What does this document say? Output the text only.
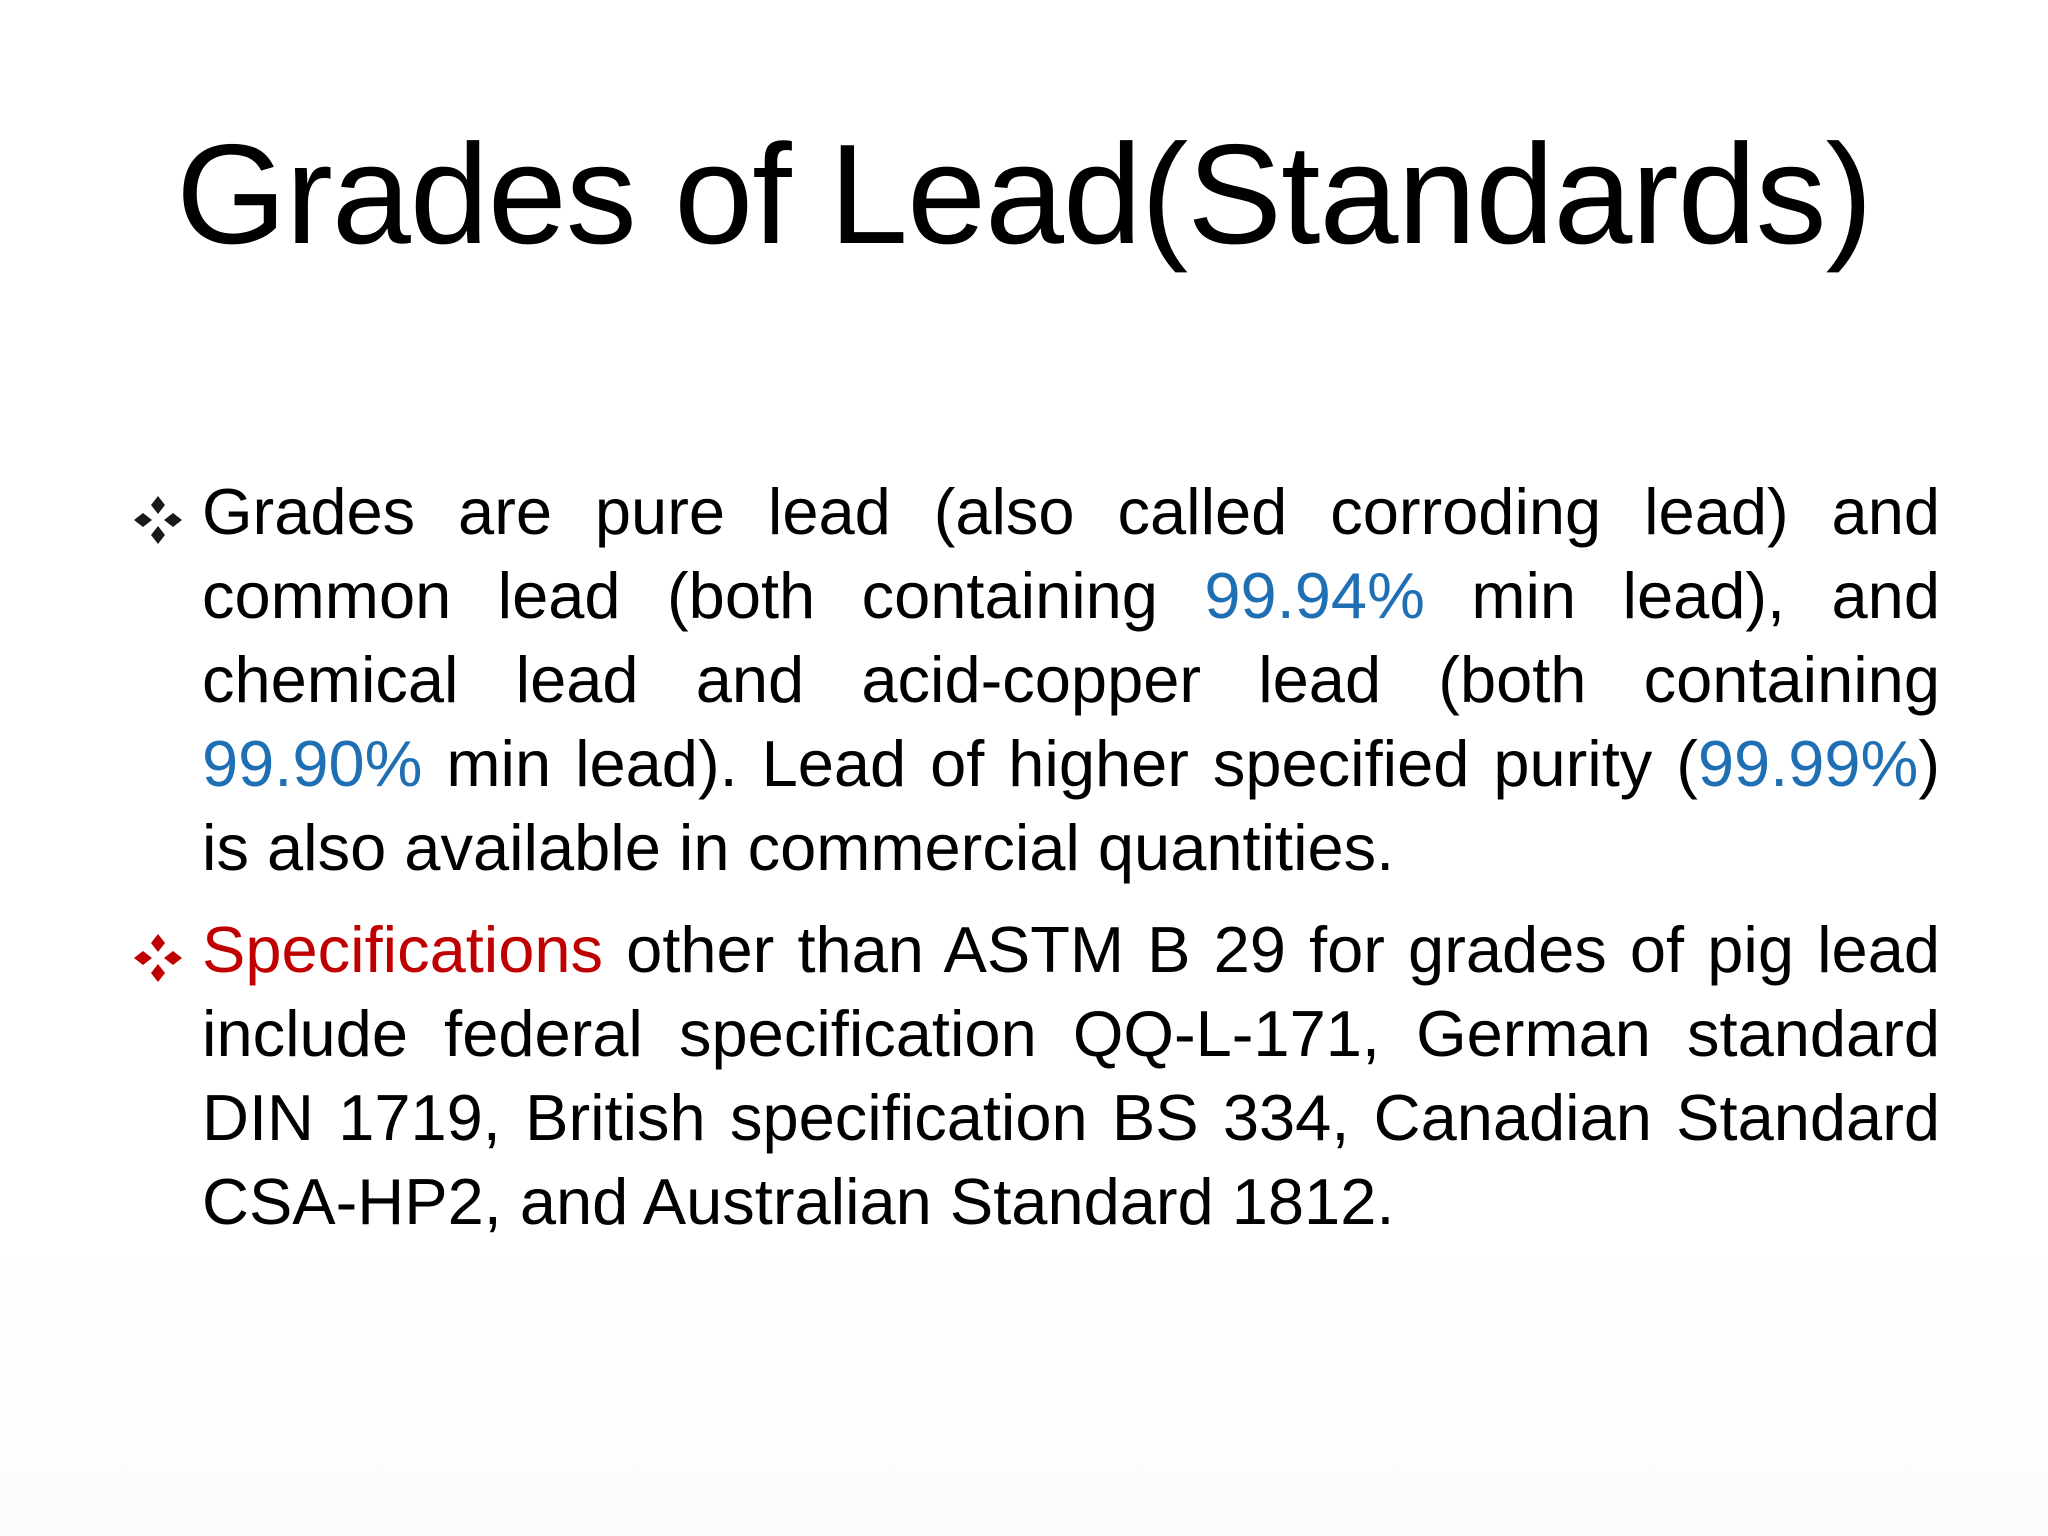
Grades of Lead(Standards)
Grades are pure lead (also called corroding lead) and common lead (both containing 99.94% min lead), and chemical lead and acid-copper lead (both containing 99.90% min lead). Lead of higher specified purity (99.99%) is also available in commercial quantities.
Specifications other than ASTM B 29 for grades of pig lead include federal specification QQ-L-171, German standard DIN 1719, British specification BS 334, Canadian Standard CSA-HP2, and Australian Standard 1812.
